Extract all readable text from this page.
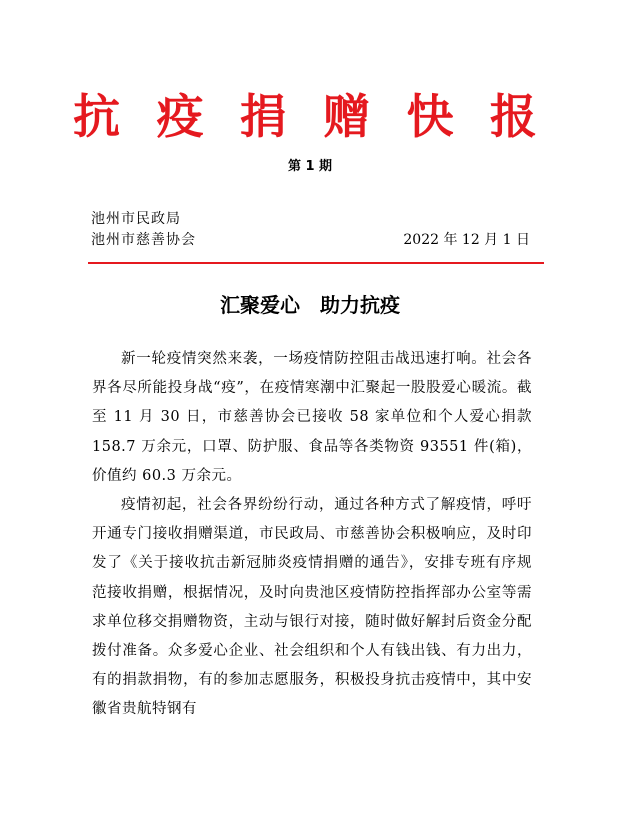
抗 疫 捐 赠 快 报
第 1 期
池州市民政局
池州市慈善协会	2022 年 12 月 1 日
汇聚爱心　助力抗疫

新一轮疫情突然来袭，一场疫情防控阻击战迅速打响。社会各界各尽所能投身战“疫”，在疫情寒潮中汇聚起一股股爱心暖流。截至 11 月 30 日，市慈善协会已接收 58 家单位和个人爱心捐款 158.7 万余元，口罩、防护服、食品等各类物资 93551 件(箱)，价值约 60.3 万余元。

疫情初起，社会各界纷纷行动，通过各种方式了解疫情，呼吁开通专门接收捐赠渠道，市民政局、市慈善协会积极响应，及时印发了《关于接收抗击新冠肺炎疫情捐赠的通告》，安排专班有序规范接收捐赠，根据情况，及时向贵池区疫情防控指挥部办公室等需求单位移交捐赠物资，主动与银行对接，随时做好解封后资金分配拨付准备。众多爱心企业、社会组织和个人有钱出钱、有力出力，有的捐款捐物，有的参加志愿服务，积极投身抗击疫情中，其中安徽省贵航特钢有
